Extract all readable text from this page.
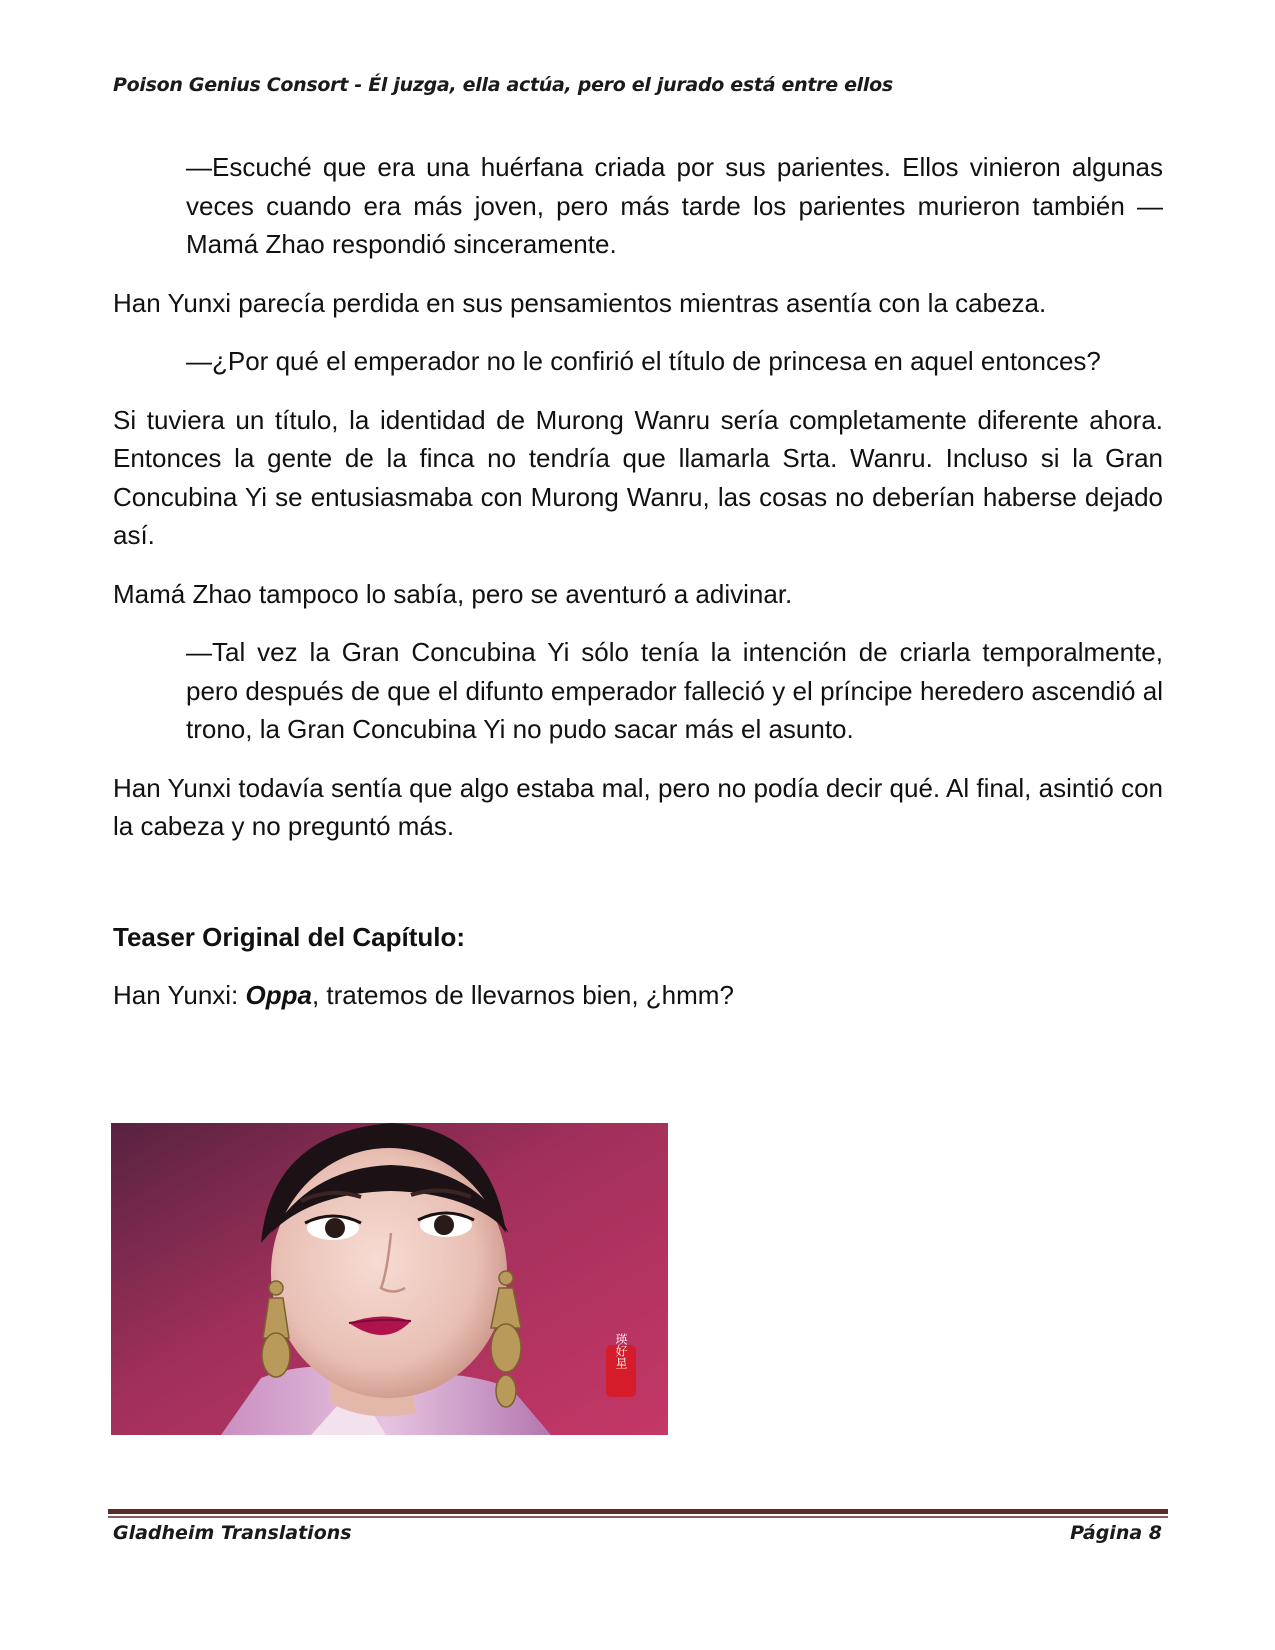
Poison Genius Consort - Él juzga, ella actúa, pero el jurado está entre ellos

—Escuché que era una huérfana criada por sus parientes. Ellos vinieron algunas veces cuando era más joven, pero más tarde los parientes murieron también —Mamá Zhao respondió sinceramente.

Han Yunxi parecía perdida en sus pensamientos mientras asentía con la cabeza.

—¿Por qué el emperador no le confirió el título de princesa en aquel entonces?

Si tuviera un título, la identidad de Murong Wanru sería completamente diferente ahora. Entonces la gente de la finca no tendría que llamarla Srta. Wanru. Incluso si la Gran Concubina Yi se entusiasmaba con Murong Wanru, las cosas no deberían haberse dejado así.

Mamá Zhao tampoco lo sabía, pero se aventuró a adivinar.

—Tal vez la Gran Concubina Yi sólo tenía la intención de criarla temporalmente, pero después de que el difunto emperador falleció y el príncipe heredero ascendió al trono, la Gran Concubina Yi no pudo sacar más el asunto.

Han Yunxi todavía sentía que algo estaba mal, pero no podía decir qué. Al final, asintió con la cabeza y no preguntó más.

Teaser Original del Capítulo:

Han Yunxi: Oppa, tratemos de llevarnos bien, ¿hmm?

瑛好星
Gladheim Translations	Página 8
